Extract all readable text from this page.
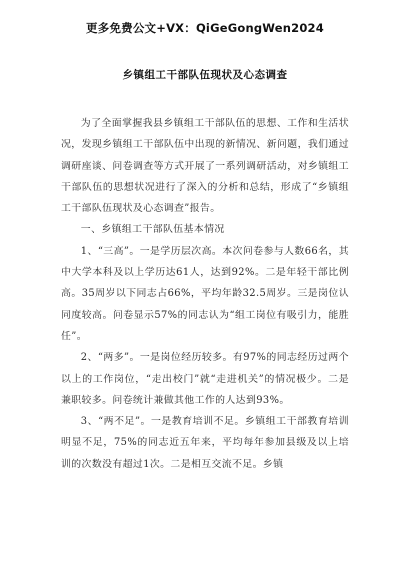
更多免费公文+VX：QiGeGongWen2024
乡镇组工干部队伍现状及心态调查

为了全面掌握我县乡镇组工干部队伍的思想、工作和生活状况，发现乡镇组工干部队伍中出现的新情况、新问题，我们通过调研座谈、问卷调查等方式开展了一系列调研活动，对乡镇组工干部队伍的思想状况进行了深入的分析和总结，形成了“乡镇组工干部队伍现状及心态调查”报告。

一、乡镇组工干部队伍基本情况

1、“三高”。一是学历层次高。本次问卷参与人数66名，其中大学本科及以上学历达61人，达到92%。二是年轻干部比例高。35周岁以下同志占66%，平均年龄32.5周岁。三是岗位认同度较高。问卷显示57%的同志认为“组工岗位有吸引力，能胜任”。

2、“两多”。一是岗位经历较多。有97%的同志经历过两个以上的工作岗位，“走出校门”就“走进机关”的情况极少。二是兼职较多。问卷统计兼做其他工作的人达到93%。

3、“两不足”。一是教育培训不足。乡镇组工干部教育培训明显不足，75%的同志近五年来，平均每年参加县级及以上培训的次数没有超过1次。二是相互交流不足。乡镇
